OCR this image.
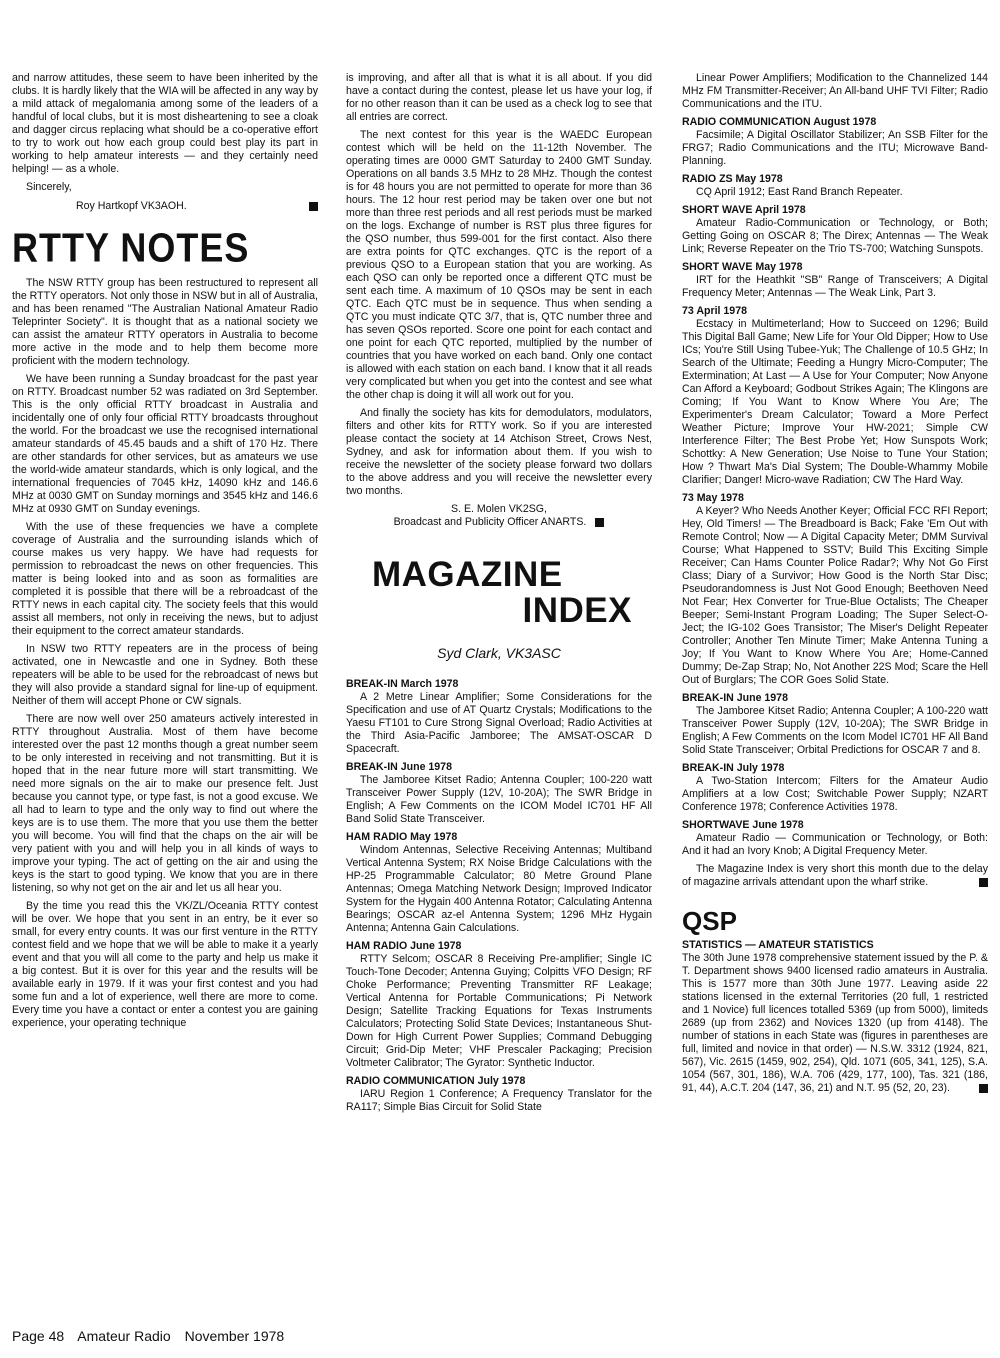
and narrow attitudes, these seem to have been inherited by the clubs. It is hardly likely that the WIA will be affected in any way by a mild attack of megalomania among some of the leaders of a handful of local clubs, but it is most disheartening to see a cloak and dagger circus replacing what should be a co-operative effort to try to work out how each group could best play its part in working to help amateur interests — and they certainly need helping! — as a whole.

Sincerely,

Roy Hartkopf VK3AOH.

RTTY NOTES

The NSW RTTY group has been restructured to represent all the RTTY operators. Not only those in NSW but in all of Australia, and has been renamed "The Australian National Amateur Radio Teleprinter Society". It is thought that as a national society we can assist the amateur RTTY operators in Australia to become more active in the mode and to help them become more proficient with the modern technology.

We have been running a Sunday broadcast for the past year on RTTY. Broadcast number 52 was radiated on 3rd September. This is the only official RTTY broadcast in Australia and incidentally one of only four official RTTY broadcasts throughout the world. For the broadcast we use the recognised international amateur standards of 45.45 bauds and a shift of 170 Hz. There are other standards for other services, but as amateurs we use the world-wide amateur standards, which is only logical, and the international frequencies of 7045 kHz, 14090 kHz and 146.6 MHz at 0030 GMT on Sunday mornings and 3545 kHz and 146.6 MHz at 0930 GMT on Sunday evenings.

With the use of these frequencies we have a complete coverage of Australia and the surrounding islands which of course makes us very happy. We have had requests for permission to rebroadcast the news on other frequencies. This matter is being looked into and as soon as formalities are completed it is possible that there will be a rebroadcast of the RTTY news in each capital city. The society feels that this would assist all members, not only in receiving the news, but to adjust their equipment to the correct amateur standards.

In NSW two RTTY repeaters are in the process of being activated, one in Newcastle and one in Sydney. Both these repeaters will be able to be used for the rebroadcast of news but they will also provide a standard signal for line-up of equipment. Neither of them will accept Phone or CW signals.

There are now well over 250 amateurs actively interested in RTTY throughout Australia. Most of them have become interested over the past 12 months though a great number seem to be only interested in receiving and not transmitting. But it is hoped that in the near future more will start transmitting. We need more signals on the air to make our presence felt. Just because you cannot type, or type fast, is not a good excuse. We all had to learn to type and the only way to find out where the keys are is to use them. The more that you use them the better you will become. You will find that the chaps on the air will be very patient with you and will help you in all kinds of ways to improve your typing. The act of getting on the air and using the keys is the start to good typing. We know that you are in there listening, so why not get on the air and let us all hear you.

By the time you read this the VK/ZL/Oceania RTTY contest will be over. We hope that you sent in an entry, be it ever so small, for every entry counts. It was our first venture in the RTTY contest field and we hope that we will be able to make it a yearly event and that you will all come to the party and help us make it a big contest. But it is over for this year and the results will be available early in 1979. If it was your first contest and you had some fun and a lot of experience, well there are more to come. Every time you have a contact or enter a contest you are gaining experience, your operating technique

is improving, and after all that is what it is all about. If you did have a contact during the contest, please let us have your log, if for no other reason than it can be used as a check log to see that all entries are correct.

The next contest for this year is the WAEDC European contest which will be held on the 11-12th November. The operating times are 0000 GMT Saturday to 2400 GMT Sunday. Operations on all bands 3.5 MHz to 28 MHz. Though the contest is for 48 hours you are not permitted to operate for more than 36 hours. The 12 hour rest period may be taken over one but not more than three rest periods and all rest periods must be marked on the logs. Exchange of number is RST plus three figures for the QSO number, thus 599-001 for the first contact. Also there are extra points for QTC exchanges. QTC is the report of a previous QSO to a European station that you are working. As each QSO can only be reported once a different QTC must be sent each time. A maximum of 10 QSOs may be sent in each QTC. Each QTC must be in sequence. Thus when sending a QTC you must indicate QTC 3/7, that is, QTC number three and has seven QSOs reported. Score one point for each contact and one point for each QTC reported, multiplied by the number of countries that you have worked on each band. Only one contact is allowed with each station on each band. I know that it all reads very complicated but when you get into the contest and see what the other chap is doing it will all work out for you.

And finally the society has kits for demodulators, modulators, filters and other kits for RTTY work. So if you are interested please contact the society at 14 Atchison Street, Crows Nest, Sydney, and ask for information about them. If you wish to receive the newsletter of the society please forward two dollars to the above address and you will receive the newsletter every two months.

S. E. Molen VK2SG,

Broadcast and Publicity Officer ANARTS.

MAGAZINE
INDEX
Syd Clark, VK3ASC
BREAK-IN March 1978

A 2 Metre Linear Amplifier; Some Considerations for the Specification and use of AT Quartz Crystals; Modifications to the Yaesu FT101 to Cure Strong Signal Overload; Radio Activities at the Third Asia-Pacific Jamboree; The AMSAT-OSCAR D Spacecraft.

BREAK-IN June 1978

The Jamboree Kitset Radio; Antenna Coupler; 100-220 watt Transceiver Power Supply (12V, 10-20A); The SWR Bridge in English; A Few Comments on the ICOM Model IC701 HF All Band Solid State Transceiver.

HAM RADIO May 1978

Windom Antennas, Selective Receiving Antennas; Multiband Vertical Antenna System; RX Noise Bridge Calculations with the HP-25 Programmable Calculator; 80 Metre Ground Plane Antennas; Omega Matching Network Design; Improved Indicator System for the Hygain 400 Antenna Rotator; Calculating Antenna Bearings; OSCAR az-el Antenna System; 1296 MHz Hygain Antenna; Antenna Gain Calculations.

HAM RADIO June 1978

RTTY Selcom; OSCAR 8 Receiving Pre-amplifier; Single IC Touch-Tone Decoder; Antenna Guying; Colpitts VFO Design; RF Choke Performance; Preventing Transmitter RF Leakage; Vertical Antenna for Portable Communications; Pi Network Design; Satellite Tracking Equations for Texas Instruments Calculators; Protecting Solid State Devices; Instantaneous Shut-Down for High Current Power Supplies; Command Debugging Circuit; Grid-Dip Meter; VHF Prescaler Packaging; Precision Voltmeter Calibrator; The Gyrator: Synthetic Inductor.

RADIO COMMUNICATION July 1978

IARU Region 1 Conference; A Frequency Translator for the RA117; Simple Bias Circuit for Solid State

Linear Power Amplifiers; Modification to the Channelized 144 MHz FM Transmitter-Receiver; An All-band UHF TVI Filter; Radio Communications and the ITU.

RADIO COMMUNICATION August 1978

Facsimile; A Digital Oscillator Stabilizer; An SSB Filter for the FRG7; Radio Communications and the ITU; Microwave Band-Planning.

RADIO ZS May 1978

CQ April 1912; East Rand Branch Repeater.

SHORT WAVE April 1978

Amateur Radio-Communication or Technology, or Both; Getting Going on OSCAR 8; The Direx; Antennas — The Weak Link; Reverse Repeater on the Trio TS-700; Watching Sunspots.

SHORT WAVE May 1978

IRT for the Heathkit "SB" Range of Transceivers; A Digital Frequency Meter; Antennas — The Weak Link, Part 3.

73 April 1978

Ecstacy in Multimeterland; How to Succeed on 1296; Build This Digital Ball Game; New Life for Your Old Dipper; How to Use ICs; You're Still Using Tubee-Yuk; The Challenge of 10.5 GHz; In Search of the Ultimate; Feeding a Hungry Micro-Computer; The Extermination; At Last — A Use for Your Computer; Now Anyone Can Afford a Keyboard; Godbout Strikes Again; The Klingons are Coming; If You Want to Know Where You Are; The Experimenter's Dream Calculator; Toward a More Perfect Weather Picture; Improve Your HW-2021; Simple CW Interference Filter; The Best Probe Yet; How Sunspots Work; Schottky: A New Generation; Use Noise to Tune Your Station; How ? Thwart Ma's Dial System; The Double-Whammy Mobile Clarifier; Danger! Micro-wave Radiation; CW The Hard Way.

73 May 1978

A Keyer? Who Needs Another Keyer; Official FCC RFI Report; Hey, Old Timers! — The Breadboard is Back; Fake 'Em Out with Remote Control; Now — A Digital Capacity Meter; DMM Survival Course; What Happened to SSTV; Build This Exciting Simple Receiver; Can Hams Counter Police Radar?; Why Not Go First Class; Diary of a Survivor; How Good is the North Star Disc; Pseudorandomness is Just Not Good Enough; Beethoven Need Not Fear; Hex Converter for True-Blue Octalists; The Cheaper Beeper; Semi-Instant Program Loading; The Super Select-O-Ject; the IG-102 Goes Transistor; The Miser's Delight Repeater Controller; Another Ten Minute Timer; Make Antenna Tuning a Joy; If You Want to Know Where You Are; Home-Canned Dummy; De-Zap Strap; No, Not Another 22S Mod; Scare the Hell Out of Burglars; The COR Goes Solid State.

BREAK-IN June 1978

The Jamboree Kitset Radio; Antenna Coupler; A 100-220 watt Transceiver Power Supply (12V, 10-20A); The SWR Bridge in English; A Few Comments on the Icom Model IC701 HF All Band Solid State Transceiver; Orbital Predictions for OSCAR 7 and 8.

BREAK-IN July 1978

A Two-Station Intercom; Filters for the Amateur Audio Amplifiers at a low Cost; Switchable Power Supply; NZART Conference 1978; Conference Activities 1978.

SHORTWAVE June 1978

Amateur Radio — Communication or Technology, or Both: And it had an Ivory Knob; A Digital Frequency Meter.

The Magazine Index is very short this month due to the delay of magazine arrivals attendant upon the wharf strike.

QSP
STATISTICS — AMATEUR STATISTICS

The 30th June 1978 comprehensive statement issued by the P. & T. Department shows 9400 licensed radio amateurs in Australia. This is 1577 more than 30th June 1977. Leaving aside 22 stations licensed in the external Territories (20 full, 1 restricted and 1 Novice) full licences totalled 5369 (up from 5000), limiteds 2689 (up from 2362) and Novices 1320 (up from 4148). The number of stations in each State was (figures in parentheses are full, limited and novice in that order) — N.S.W. 3312 (1924, 821, 567), Vic. 2615 (1459, 902, 254), Qld. 1071 (605, 341, 125), S.A. 1054 (567, 301, 186), W.A. 706 (429, 177, 100), Tas. 321 (186, 91, 44), A.C.T. 204 (147, 36, 21) and N.T. 95 (52, 20, 23).

Page 48 Amateur Radio November 1978
